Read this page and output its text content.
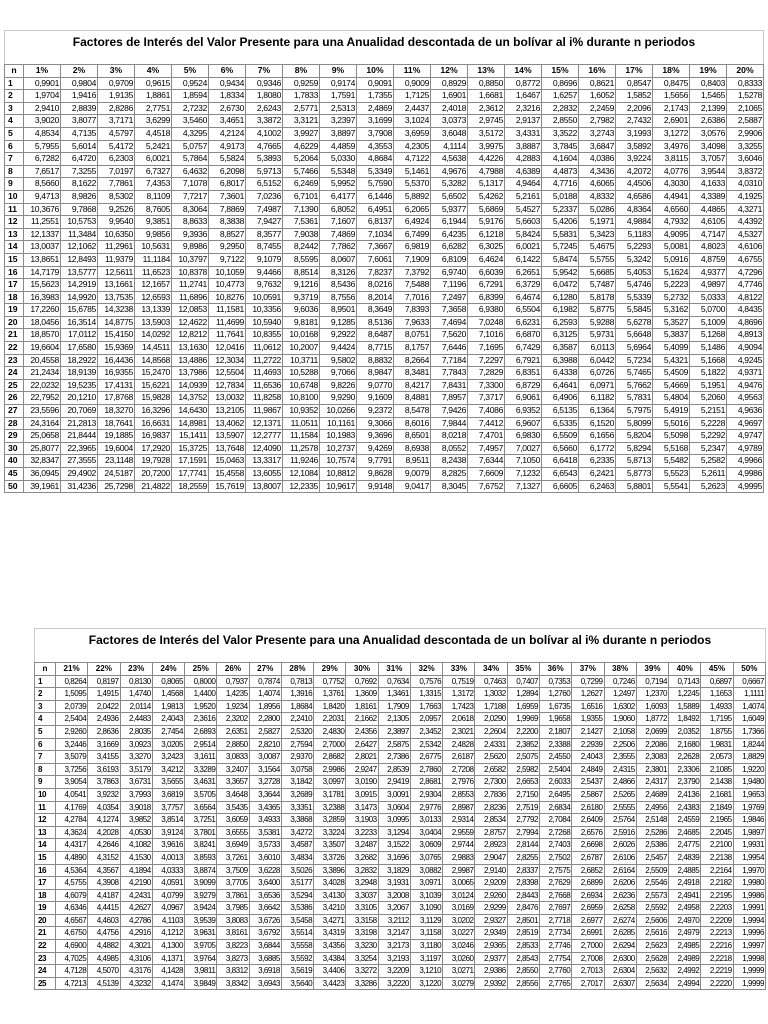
Factores de Interés del Valor Presente para una Anualidad descontada de un bolívar al i% durante n periodos
n	1%	2%	3%	4%	5%	6%	7%	8%	9%	10%	11%	12%	13%	14%	15%	16%	17%	18%	19%	20%
1	0,9901	0,9804	0,9709	0,9615	0,9524	0,9434	0,9346	0,9259	0,9174	0,9091	0,9009	0,8929	0,8850	0,8772	0,8696	0,8621	0,8547	0,8475	0,8403	0,8333
2	1,9704	1,9416	1,9135	1,8861	1,8594	1,8334	1,8080	1,7833	1,7591	1,7355	1,7125	1,6901	1,6681	1,6467	1,6257	1,6052	1,5852	1,5656	1,5465	1,5278
3	2,9410	2,8839	2,8286	2,7751	2,7232	2,6730	2,6243	2,5771	2,5313	2,4869	2,4437	2,4018	2,3612	2,3216	2,2832	2,2459	2,2096	2,1743	2,1399	2,1065
4	3,9020	3,8077	3,7171	3,6299	3,5460	3,4651	3,3872	3,3121	3,2397	3,1699	3,1024	3,0373	2,9745	2,9137	2,8550	2,7982	2,7432	2,6901	2,6386	2,5887
5	4,8534	4,7135	4,5797	4,4518	4,3295	4,2124	4,1002	3,9927	3,8897	3,7908	3,6959	3,6048	3,5172	3,4331	3,3522	3,2743	3,1993	3,1272	3,0576	2,9906
6	5,7955	5,6014	5,4172	5,2421	5,0757	4,9173	4,7665	4,6229	4,4859	4,3553	4,2305	4,1114	3,9975	3,8887	3,7845	3,6847	3,5892	3,4976	3,4098	3,3255
7	6,7282	6,4720	6,2303	6,0021	5,7864	5,5824	5,3893	5,2064	5,0330	4,8684	4,7122	4,5638	4,4226	4,2883	4,1604	4,0386	3,9224	3,8115	3,7057	3,6046
8	7,6517	7,3255	7,0197	6,7327	6,4632	6,2098	5,9713	5,7466	5,5348	5,3349	5,1461	4,9676	4,7988	4,6389	4,4873	4,3436	4,2072	4,0776	3,9544	3,8372
9	8,5660	8,1622	7,7861	7,4353	7,1078	6,8017	6,5152	6,2469	5,9952	5,7590	5,5370	5,3282	5,1317	4,9464	4,7716	4,6065	4,4506	4,3030	4,1633	4,0310
10	9,4713	8,9826	8,5302	8,1109	7,7217	7,3601	7,0236	6,7101	6,4177	6,1446	5,8892	5,6502	5,4262	5,2161	5,0188	4,8332	4,6586	4,4941	4,3389	4,1925
11	10,3676	9,7868	9,2526	8,7605	8,3064	7,8869	7,4987	7,1390	6,8052	6,4951	6,2065	5,9377	5,6869	5,4527	5,2337	5,0286	4,8364	4,6560	4,4865	4,3271
12	11,2551	10,5753	9,9540	9,3851	8,8633	8,3838	7,9427	7,5361	7,1607	6,8137	6,4924	6,1944	5,9176	5,6603	5,4206	5,1971	4,9884	4,7932	4,6105	4,4392
13	12,1337	11,3484	10,6350	9,9856	9,3936	8,8527	8,3577	7,9038	7,4869	7,1034	6,7499	6,4235	6,1218	5,8424	5,5831	5,3423	5,1183	4,9095	4,7147	4,5327
14	13,0037	12,1062	11,2961	10,5631	9,8986	9,2950	8,7455	8,2442	7,7862	7,3667	6,9819	6,6282	6,3025	6,0021	5,7245	5,4675	5,2293	5,0081	4,8023	4,6106
15	13,8651	12,8493	11,9379	11,1184	10,3797	9,7122	9,1079	8,5595	8,0607	7,6061	7,1909	6,8109	6,4624	6,1422	5,8474	5,5755	5,3242	5,0916	4,8759	4,6755
16	14,7179	13,5777	12,5611	11,6523	10,8378	10,1059	9,4466	8,8514	8,3126	7,8237	7,3792	6,9740	6,6039	6,2651	5,9542	5,6685	5,4053	5,1624	4,9377	4,7296
17	15,5623	14,2919	13,1661	12,1657	11,2741	10,4773	9,7632	9,1216	8,5436	8,0216	7,5488	7,1196	6,7291	6,3729	6,0472	5,7487	5,4746	5,2223	4,9897	4,7746
18	16,3983	14,9920	13,7535	12,6593	11,6896	10,8276	10,0591	9,3719	8,7556	8,2014	7,7016	7,2497	6,8399	6,4674	6,1280	5,8178	5,5339	5,2732	5,0333	4,8122
19	17,2260	15,6785	14,3238	13,1339	12,0853	11,1581	10,3356	9,6036	8,9501	8,3649	7,8393	7,3658	6,9380	6,5504	6,1982	5,8775	5,5845	5,3162	5,0700	4,8435
20	18,0456	16,3514	14,8775	13,5903	12,4622	11,4699	10,5940	9,8181	9,1285	8,5136	7,9633	7,4694	7,0248	6,6231	6,2593	5,9288	5,6278	5,3527	5,1009	4,8696
21	18,8570	17,0112	15,4150	14,0292	12,8212	11,7641	10,8355	10,0168	9,2922	8,6487	8,0751	7,5620	7,1016	6,6870	6,3125	5,9731	5,6648	5,3837	5,1268	4,8913
22	19,6604	17,6580	15,9369	14,4511	13,1630	12,0416	11,0612	10,2007	9,4424	8,7715	8,1757	7,6446	7,1695	6,7429	6,3587	6,0113	5,6964	5,4099	5,1486	4,9094
23	20,4558	18,2922	16,4436	14,8568	13,4886	12,3034	11,2722	10,3711	9,5802	8,8832	8,2664	7,7184	7,2297	6,7921	6,3988	6,0442	5,7234	5,4321	5,1668	4,9245
24	21,2434	18,9139	16,9355	15,2470	13,7986	12,5504	11,4693	10,5288	9,7066	8,9847	8,3481	7,7843	7,2829	6,8351	6,4338	6,0726	5,7465	5,4509	5,1822	4,9371
25	22,0232	19,5235	17,4131	15,6221	14,0939	12,7834	11,6536	10,6748	9,8226	9,0770	8,4217	7,8431	7,3300	6,8729	6,4641	6,0971	5,7662	5,4669	5,1951	4,9476
26	22,7952	20,1210	17,8768	15,9828	14,3752	13,0032	11,8258	10,8100	9,9290	9,1609	8,4881	7,8957	7,3717	6,9061	6,4906	6,1182	5,7831	5,4804	5,2060	4,9563
27	23,5596	20,7069	18,3270	16,3296	14,6430	13,2105	11,9867	10,9352	10,0266	9,2372	8,5478	7,9426	7,4086	6,9352	6,5135	6,1364	5,7975	5,4919	5,2151	4,9636
28	24,3164	21,2813	18,7641	16,6631	14,8981	13,4062	12,1371	11,0511	10,1161	9,3066	8,6016	7,9844	7,4412	6,9607	6,5335	6,1520	5,8099	5,5016	5,2228	4,9697
29	25,0658	21,8444	19,1885	16,9837	15,1411	13,5907	12,2777	11,1584	10,1983	9,3696	8,6501	8,0218	7,4701	6,9830	6,5509	6,1656	5,8204	5,5098	5,2292	4,9747
30	25,8077	22,3965	19,6004	17,2920	15,3725	13,7648	12,4090	11,2578	10,2737	9,4269	8,6938	8,0552	7,4957	7,0027	6,5660	6,1772	5,8294	5,5168	5,2347	4,9789
40	32,8347	27,3555	23,1148	19,7928	17,1591	15,0463	13,3317	11,9246	10,7574	9,7791	8,9511	8,2438	7,6344	7,1050	6,6418	6,2335	5,8713	5,5482	5,2582	4,9966
45	36,0945	29,4902	24,5187	20,7200	17,7741	15,4558	13,6055	12,1084	10,8812	9,8628	9,0079	8,2825	7,6609	7,1232	6,6543	6,2421	5,8773	5,5523	5,2611	4,9986
50	39,1961	31,4236	25,7298	21,4822	18,2559	15,7619	13,8007	12,2335	10,9617	9,9148	9,0417	8,3045	7,6752	7,1327	6,6605	6,2463	5,8801	5,5541	5,2623	4,9995
Factores de Interés del Valor Presente para una Anualidad descontada de un bolívar al i% durante n periodos
n	21%	22%	23%	24%	25%	26%	27%	28%	29%	30%	31%	32%	33%	34%	35%	36%	37%	38%	39%	40%	45%	50%
1	0,8264	0,8197	0,8130	0,8065	0,8000	0,7937	0,7874	0,7813	0,7752	0,7692	0,7634	0,7576	0,7519	0,7463	0,7407	0,7353	0,7299	0,7246	0,7194	0,7143	0,6897	0,6667
2	1,5095	1,4915	1,4740	1,4568	1,4400	1,4235	1,4074	1,3916	1,3761	1,3609	1,3461	1,3315	1,3172	1,3032	1,2894	1,2760	1,2627	1,2497	1,2370	1,2245	1,1653	1,1111
3	2,0739	2,0422	2,0114	1,9813	1,9520	1,9234	1,8956	1,8684	1,8420	1,8161	1,7909	1,7663	1,7423	1,7188	1,6959	1,6735	1,6516	1,6302	1,6093	1,5889	1,4933	1,4074
4	2,5404	2,4936	2,4483	2,4043	2,3616	2,3202	2,2800	2,2410	2,2031	2,1662	2,1305	2,0957	2,0618	2,0290	1,9969	1,9658	1,9355	1,9060	1,8772	1,8492	1,7195	1,6049
5	2,9260	2,8636	2,8035	2,7454	2,6893	2,6351	2,5827	2,5320	2,4830	2,4356	2,3897	2,3452	2,3021	2,2604	2,2200	2,1807	2,1427	2,1058	2,0699	2,0352	1,8755	1,7366
6	3,2446	3,1669	3,0923	3,0205	2,9514	2,8850	2,8210	2,7594	2,7000	2,6427	2,5875	2,5342	2,4828	2,4331	2,3852	2,3388	2,2939	2,2506	2,2086	2,1680	1,9831	1,8244
7	3,5079	3,4155	3,3270	3,2423	3,1611	3,0833	3,0087	2,9370	2,8682	2,8021	2,7386	2,6775	2,6187	2,5620	2,5075	2,4550	2,4043	2,3555	2,3083	2,2628	2,0573	1,8829
8	3,7256	3,6193	3,5179	3,4212	3,3289	3,2407	3,1564	3,0758	2,9986	2,9247	2,8539	2,7860	2,7208	2,6582	2,5982	2,5404	2,4849	2,4315	2,3801	2,3306	2,1085	1,9220
9	3,9054	3,7863	3,6731	3,5655	3,4631	3,3657	3,2728	3,1842	3,0997	3,0190	2,9419	2,8681	2,7976	2,7300	2,6653	2,6033	2,5437	2,4866	2,4317	2,3790	2,1438	1,9480
10	4,0541	3,9232	3,7993	3,6819	3,5705	3,4648	3,3644	3,2689	3,1781	3,0915	3,0091	2,9304	2,8553	2,7836	2,7150	2,6495	2,5867	2,5265	2,4689	2,4136	2,1681	1,9653
11	4,1769	4,0354	3,9018	3,7757	3,6564	3,5435	3,4365	3,3351	3,2388	3,1473	3,0604	2,9776	2,8987	2,8236	2,7519	2,6834	2,6180	2,5555	2,4956	2,4383	2,1849	1,9769
12	4,2784	4,1274	3,9852	3,8514	3,7251	3,6059	3,4933	3,3868	3,2859	3,1903	3,0995	3,0133	2,9314	2,8534	2,7792	2,7084	2,6409	2,5764	2,5148	2,4559	2,1965	1,9846
13	4,3624	4,2028	4,0530	3,9124	3,7801	3,6555	3,5381	3,4272	3,3224	3,2233	3,1294	3,0404	2,9559	2,8757	2,7994	2,7268	2,6576	2,5916	2,5286	2,4685	2,2045	1,9897
14	4,4317	4,2646	4,1082	3,9616	3,8241	3,6949	3,5733	3,4587	3,3507	3,2487	3,1522	3,0609	2,9744	2,8923	2,8144	2,7403	2,6698	2,6026	2,5386	2,4775	2,2100	1,9931
15	4,4890	4,3152	4,1530	4,0013	3,8593	3,7261	3,6010	3,4834	3,3726	3,2682	3,1696	3,0765	2,9883	2,9047	2,8255	2,7502	2,6787	2,6106	2,5457	2,4839	2,2138	1,9954
16	4,5364	4,3567	4,1894	4,0333	3,8874	3,7509	3,6228	3,5026	3,3896	3,2832	3,1829	3,0882	2,9987	2,9140	2,8337	2,7575	2,6852	2,6164	2,5509	2,4885	2,2164	1,9970
17	4,5755	4,3908	4,2190	4,0591	3,9099	3,7705	3,6400	3,5177	3,4028	3,2948	3,1931	3,0971	3,0065	2,9209	2,8398	2,7629	2,6899	2,6206	2,5546	2,4918	2,2182	1,9980
18	4,6079	4,4187	4,2431	4,0799	3,9279	3,7861	3,6536	3,5294	3,4130	3,3037	3,2008	3,1039	3,0124	2,9260	2,8443	2,7668	2,6934	2,6236	2,5573	2,4941	2,2195	1,9986
19	4,6346	4,4415	4,2627	4,0967	3,9424	3,7985	3,6642	3,5386	3,4210	3,3105	3,2067	3,1090	3,0169	2,9299	2,8476	2,7697	2,6959	2,6258	2,5592	2,4958	2,2203	1,9991
20	4,6567	4,4603	4,2786	4,1103	3,9539	3,8083	3,6726	3,5458	3,4271	3,3158	3,2112	3,1129	3,0202	2,9327	2,8501	2,7718	2,6977	2,6274	2,5606	2,4970	2,2209	1,9994
21	4,6750	4,4756	4,2916	4,1212	3,9631	3,8161	3,6792	3,5514	3,4319	3,3198	3,2147	3,1158	3,0227	2,9349	2,8519	2,7734	2,6991	2,6285	2,5616	2,4979	2,2213	1,9996
22	4,6900	4,4882	4,3021	4,1300	3,9705	3,8223	3,6844	3,5558	3,4356	3,3230	3,2173	3,1180	3,0246	2,9365	2,8533	2,7746	2,7000	2,6294	2,5623	2,4985	2,2216	1,9997
23	4,7025	4,4985	4,3106	4,1371	3,9764	3,8273	3,6885	3,5592	3,4384	3,3254	3,2193	3,1197	3,0260	2,9377	2,8543	2,7754	2,7008	2,6300	2,5628	2,4989	2,2218	1,9998
24	4,7128	4,5070	4,3176	4,1428	3,9811	3,8312	3,6918	3,5619	3,4406	3,3272	3,2209	3,1210	3,0271	2,9386	2,8550	2,7760	2,7013	2,6304	2,5632	2,4992	2,2219	1,9999
25	4,7213	4,5139	4,3232	4,1474	3,9849	3,8342	3,6943	3,5640	3,4423	3,3286	3,2220	3,1220	3,0279	2,9392	2,8556	2,7765	2,7017	2,6307	2,5634	2,4994	2,2220	1,9999
